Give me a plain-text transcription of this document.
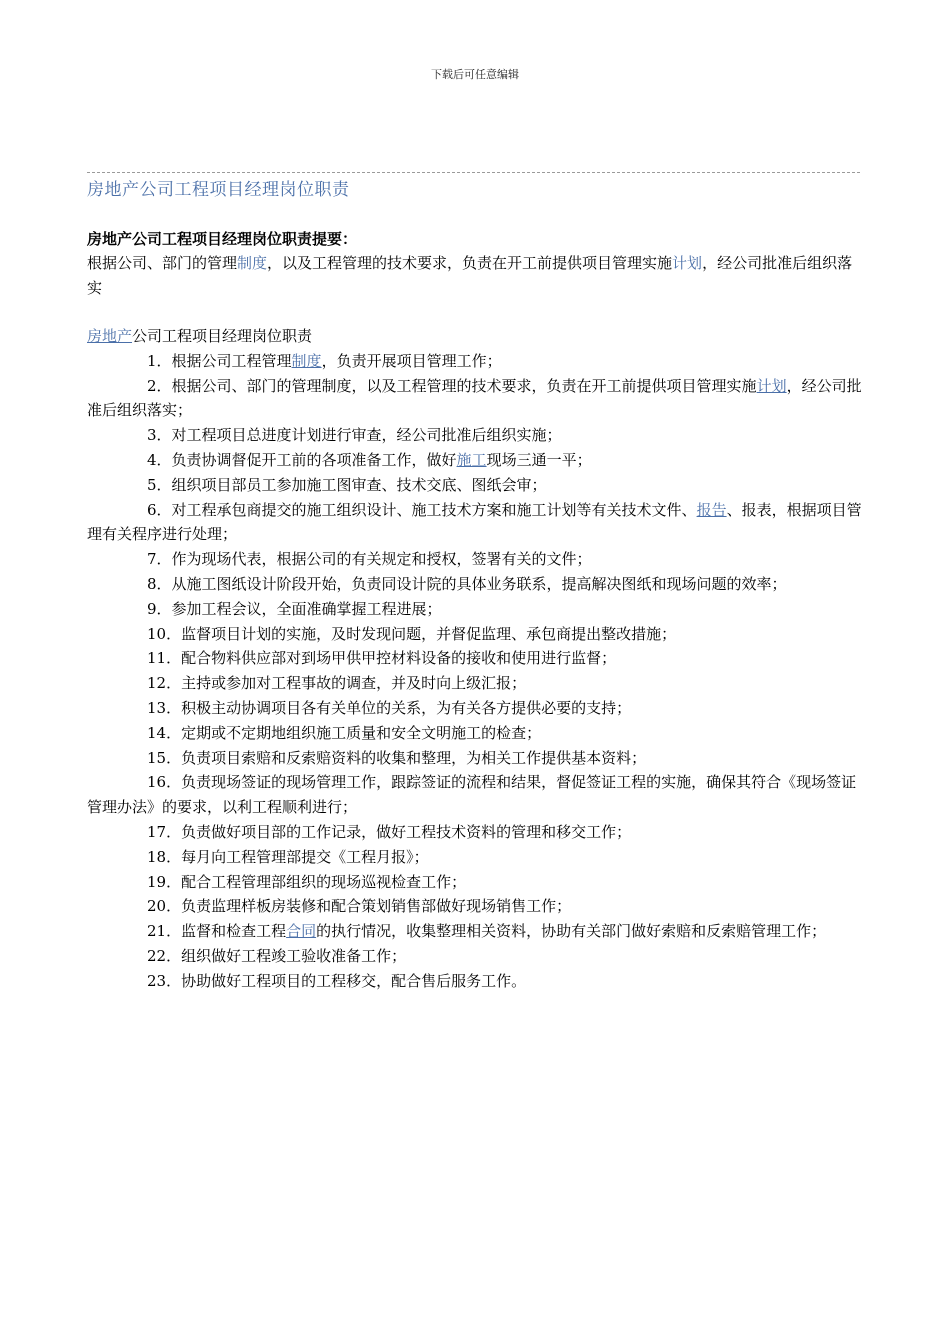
下载后可任意编辑
房地产公司工程项目经理岗位职责
房地产公司工程项目经理岗位职责提要：
根据公司、部门的管理制度，以及工程管理的技术要求，负责在开工前提供项目管理实施计划，经公司批准后组织落实

房地产公司工程项目经理岗位职责

1．根据公司工程管理制度，负责开展项目管理工作；

2．根据公司、部门的管理制度，以及工程管理的技术要求，负责在开工前提供项目管理实施计划，经公司批准后组织落实；

3．对工程项目总进度计划进行审查，经公司批准后组织实施；

4．负责协调督促开工前的各项准备工作，做好施工现场三通一平；

5．组织项目部员工参加施工图审查、技术交底、图纸会审；

6．对工程承包商提交的施工组织设计、施工技术方案和施工计划等有关技术文件、报告、报表，根据项目管理有关程序进行处理；

7．作为现场代表，根据公司的有关规定和授权，签署有关的文件；

8．从施工图纸设计阶段开始，负责同设计院的具体业务联系，提高解决图纸和现场问题的效率；

9．参加工程会议，全面准确掌握工程进展；

10．监督项目计划的实施，及时发现问题，并督促监理、承包商提出整改措施；

11．配合物料供应部对到场甲供甲控材料设备的接收和使用进行监督；

12．主持或参加对工程事故的调查，并及时向上级汇报；

13．积极主动协调项目各有关单位的关系，为有关各方提供必要的支持；

14．定期或不定期地组织施工质量和安全文明施工的检查；

15．负责项目索赔和反索赔资料的收集和整理，为相关工作提供基本资料；

16．负责现场签证的现场管理工作，跟踪签证的流程和结果，督促签证工程的实施，确保其符合《现场签证管理办法》的要求，以利工程顺利进行；

17．负责做好项目部的工作记录，做好工程技术资料的管理和移交工作；

18．每月向工程管理部提交《工程月报》；

19．配合工程管理部组织的现场巡视检查工作；

20．负责监理样板房装修和配合策划销售部做好现场销售工作；

21．监督和检查工程合同的执行情况，收集整理相关资料，协助有关部门做好索赔和反索赔管理工作；

22．组织做好工程竣工验收准备工作；

23．协助做好工程项目的工程移交，配合售后服务工作。
